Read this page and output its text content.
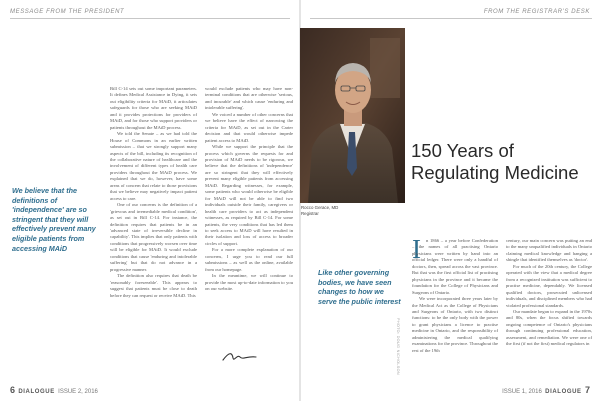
MESSAGE FROM THE PRESIDENT
We believe that the definitions of 'independence' are so stringent that they will effectively prevent many eligible patients from accessing MAiD

Bill C-14 sets out some important parameters. It defines Medical Assistance in Dying, it sets out eligibility criteria for MAiD, it articulates safeguards for those who are seeking MAiD and it provides protections for providers of MAiD, and for those who support providers or patients throughout the MAiD process.

We told the Senate – as we had told the House of Commons in an earlier written submission – that we strongly support many aspects of the bill, including its recognition of the collaborative nature of healthcare and the involvement of different types of health care providers throughout the MAiD process. We explained that we do, however, have some areas of concern that relate to those provisions that we believe may negatively impact patient access to care.

One of our concerns is the definition of a 'grievous and irremediable medical condition', as set out in Bill C-14. For instance, the definition requires that patients be in an 'advanced state of irreversible decline in capability'. This implies that only patients with conditions that progressively worsen over time will be eligible for MAiD. It would exclude conditions that cause 'enduring and intolerable suffering' but that do not advance in a progressive manner.

The definition also requires that death be 'reasonably foreseeable'. This appears to suggest that patients must be close to death before they can request or receive MAiD. This

would exclude patients who may have non-terminal conditions that are otherwise 'serious, and incurable' and which cause 'enduring and intolerable suffering'.

We voiced a number of other concerns that we believe have the effect of narrowing the criteria for MAiD, as set out in the Carter decision and that would otherwise impede patient access to MAiD.

While we support the principle that the process which governs the requests for and provision of MAiD needs to be rigorous, we believe that the definitions of 'independence' are so stringent that they will effectively prevent many eligible patients from accessing MAiD. Regarding witnesses, for example, some patients who would otherwise be eligible for MAiD will not be able to find two individuals outside their family, caregivers or health care providers to act as independent witnesses, as required by Bill C-14. For some patients, the very conditions that has led them to seek access to MAiD will have resulted in their isolation and loss of access to broader circles of support.

For a more complete explanation of our concerns, I urge you to read our full submissions – as well as the online, available from our homepage.

In the meantime, we will continue to provide the most up-to-date information to you on our website.

6 DIALOGUE ISSUE 2, 2016
FROM THE REGISTRAR'S DESK
Rocco Gerace, MD
Registrar
Like other governing bodies, we have seen changes to how we serve the public interest
PHOTO: DOUG NICHOLSON
150 Years of Regulating Medicine
I	n 1866 – a year before Confederation – the names of all practising Ontario physicians were written by hand into an official ledger. There were only a handful of doctors, then, spread across the vast province. But that was the first official list of practising physicians in the province and it became the foundation for the College of Physicians and Surgeons of Ontario.

We were incorporated three years later by the Medical Act as the College of Physicians and Surgeons of Ontario, with two distinct functions: to be the only body with the power to grant physicians a licence to practise medicine in Ontario, and the responsibility of administering the medical qualifying examinations for the province. Throughout the rest of the 19th

century, our main concern was putting an end to the many unqualified individuals in Ontario claiming medical knowledge and hanging a shingle that identified themselves as 'doctor'.

For much of the 20th century, the College operated with the view that a medical degree from a recognized institution was sufficient to practise medicine, dependably. We licensed qualified doctors, prosecuted unlicensed individuals, and disciplined members who had violated professional standards.

Our mandate began to expand in the 1970s and 80s, when the focus shifted towards ongoing competence of Ontario's physicians through continuing professional education, assessment, and remediation. We were one of the first (if not the first) medical regulators in

ISSUE 1, 2016 DIALOGUE 7
